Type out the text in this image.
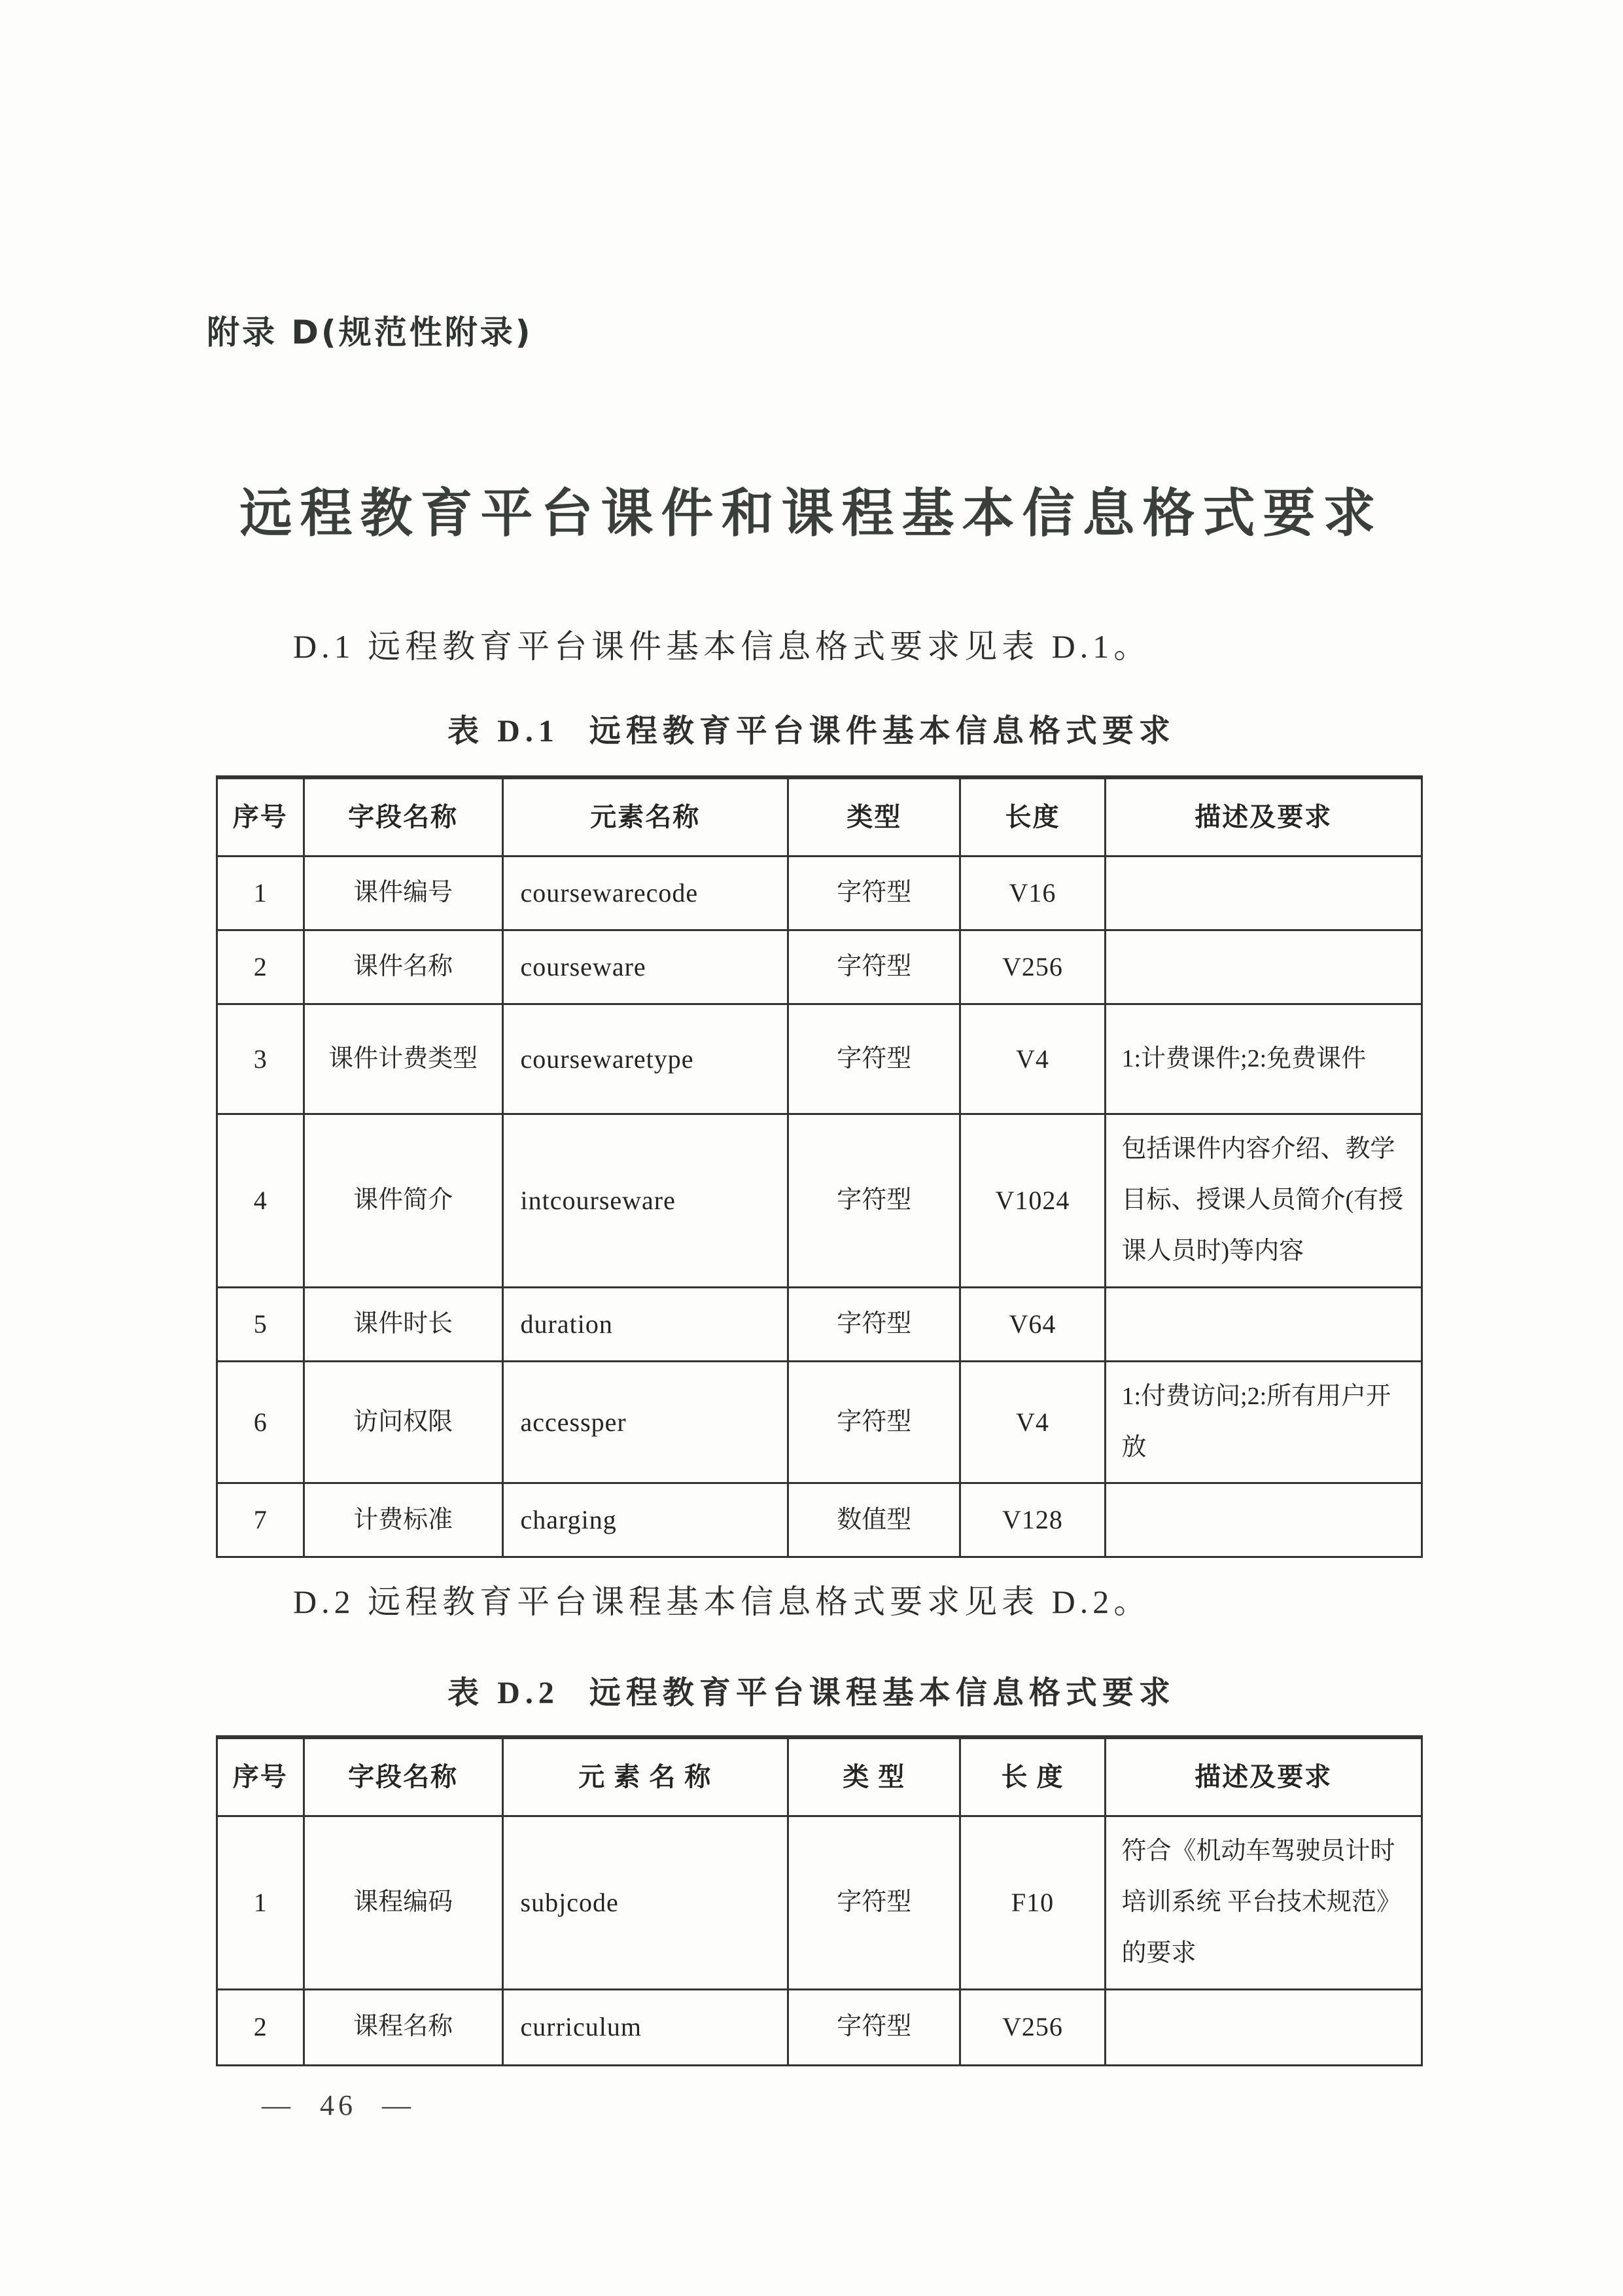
附录 D(规范性附录)
远程教育平台课件和课程基本信息格式要求
D.1 远程教育平台课件基本信息格式要求见表 D.1。
表 D.1 远程教育平台课件基本信息格式要求
序号	字段名称	元素名称	类型	长度	描述及要求
1	课件编号	coursewarecode	字符型	V16	
2	课件名称	courseware	字符型	V256	
3	课件计费类型	coursewaretype	字符型	V4	1:计费课件;2:免费课件
4	课件简介	intcourseware	字符型	V1024	包括课件内容介绍、教学目标、授课人员简介(有授课人员时)等内容
5	课件时长	duration	字符型	V64	
6	访问权限	accessper	字符型	V4	1:付费访问;2:所有用户开放
7	计费标准	charging	数值型	V128	
D.2 远程教育平台课程基本信息格式要求见表 D.2。
表 D.2 远程教育平台课程基本信息格式要求
序号	字段名称	元 素 名 称	类 型	长 度	描述及要求
1	课程编码	subjcode	字符型	F10	符合《机动车驾驶员计时培训系统 平台技术规范》的要求
2	课程名称	curriculum	字符型	V256	
— 46 —
